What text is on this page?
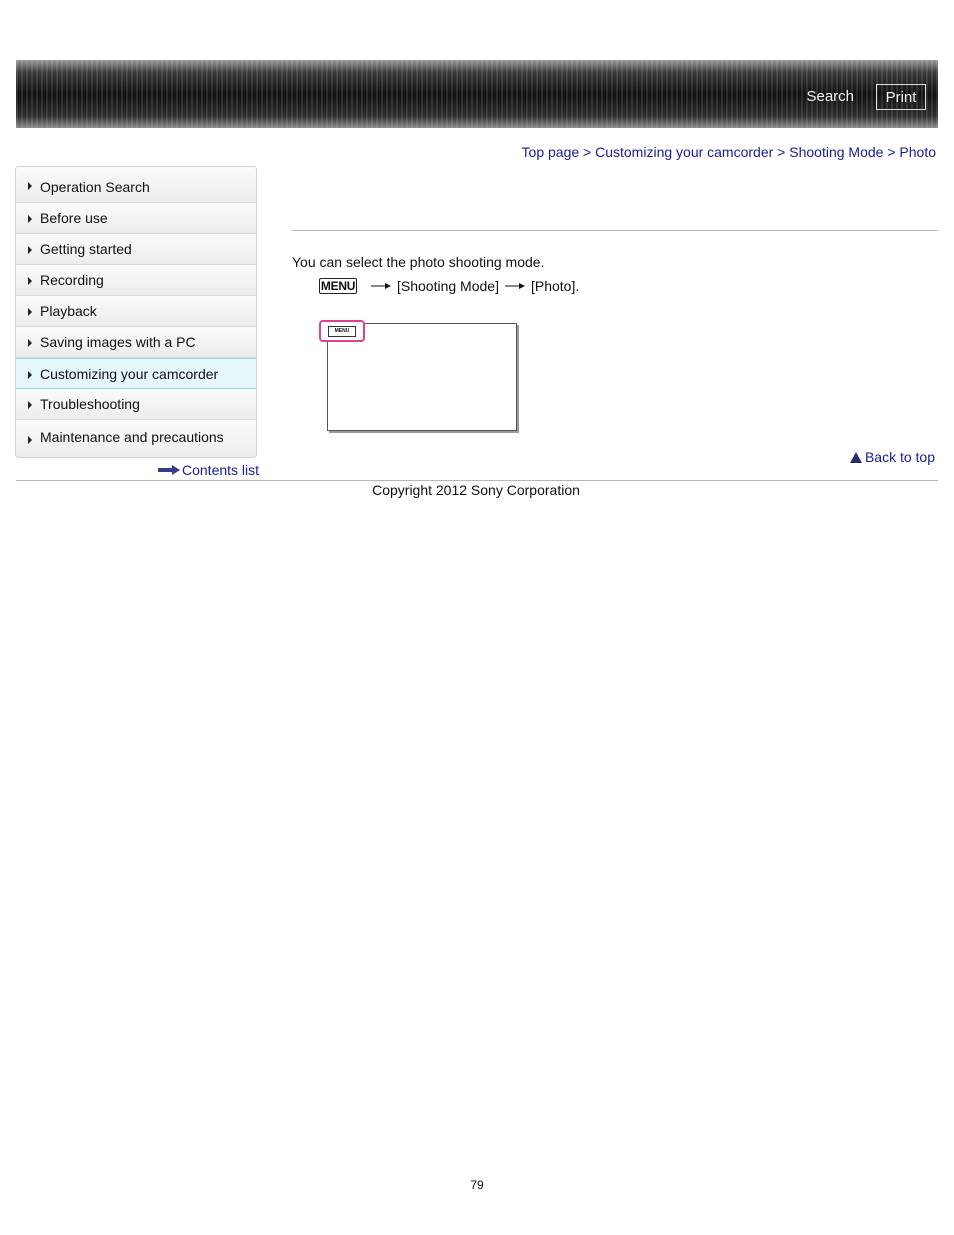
Search	Print
Top page > Customizing your camcorder > Shooting Mode > Photo
Operation Search
Before use
Getting started
Recording
Playback
Saving images with a PC
Customizing your camcorder
Troubleshooting
Maintenance and precautions
Contents list
You can select the photo shooting mode.
MENU	[Shooting Mode] [Photo].
MENU
Back to top
Copyright 2012 Sony Corporation
79
